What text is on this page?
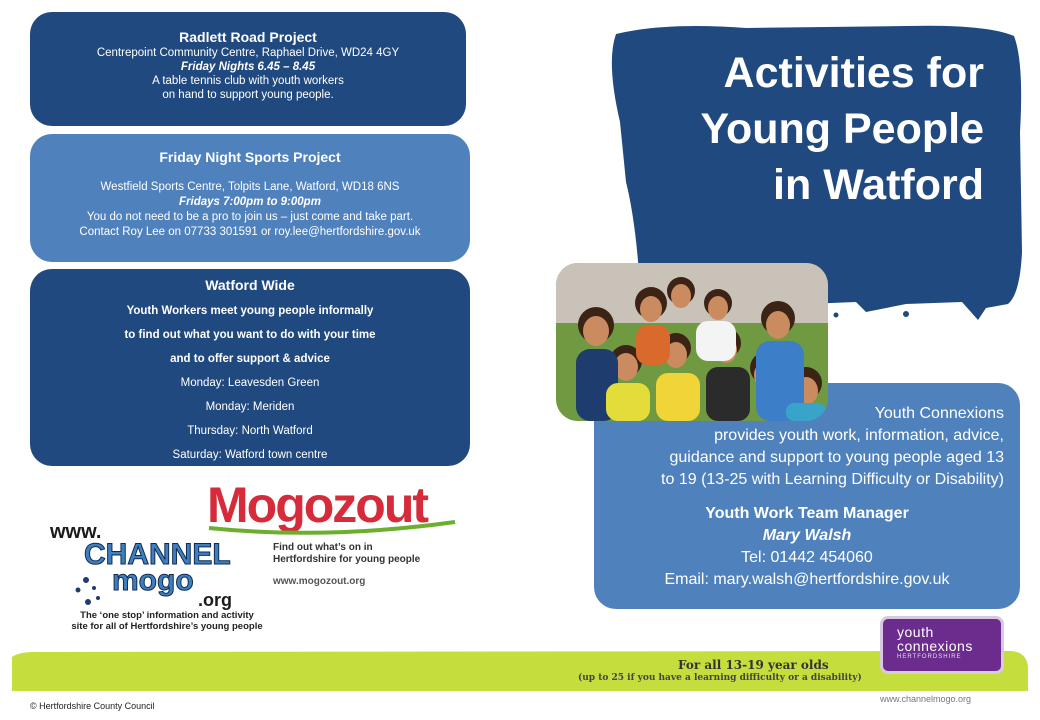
Radlett Road Project
Centrepoint Community Centre, Raphael Drive, WD24 4GY
Friday Nights 6.45 – 8.45
A table tennis club with youth workers
on hand to support young people.
Friday Night Sports Project
Westfield Sports Centre, Tolpits Lane, Watford, WD18 6NS
Fridays 7:00pm to 9:00pm
You do not need to be a pro to join us – just come and take part.
Contact Roy Lee on 07733 301591 or roy.lee@hertfordshire.gov.uk
Watford Wide
Youth Workers meet young people informally
to find out what you want to do with your time
and to offer support & advice
Monday: Leavesden Green
Monday: Meriden
Thursday: North Watford
Saturday: Watford town centre
Activities for
Young People
in Watford
Youth Connexions
provides youth work, information, advice,
guidance and support to young people aged 13
to 19 (13-25 with Learning Difficulty or Disability)
Youth Work Team Manager
Mary Walsh
Tel: 01442 454060
Email: mary.walsh@hertfordshire.gov.uk
Mogozout
Find out what’s on in
Hertfordshire for young people
www.mogozout.org
www.
CHANNEL
mogo
.org
The ‘one stop’ information and activity
site for all of Hertfordshire’s young people
For all 13-19 year olds
(up to 25 if you have a learning difficulty or a disability)
youth
connexions
HERTFORDSHIRE
www.channelmogo.org
© Hertfordshire County Council
